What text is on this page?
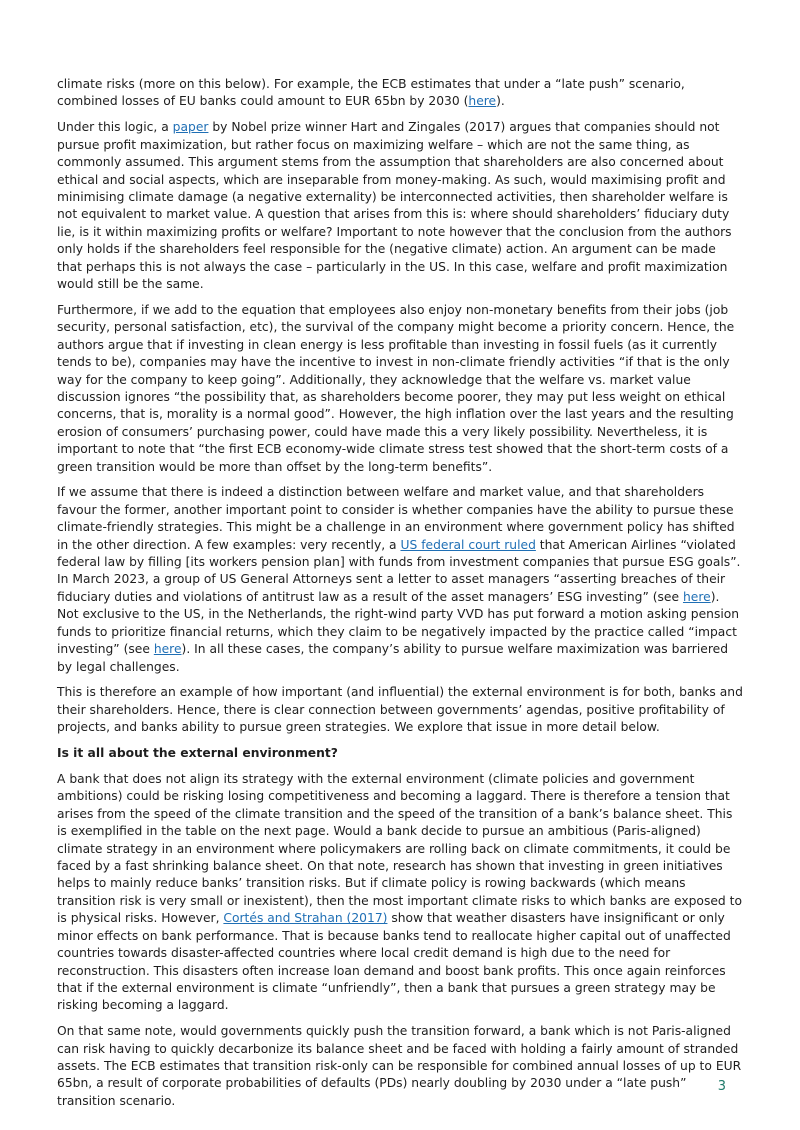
climate risks (more on this below). For example, the ECB estimates that under a “late push” scenario, combined losses of EU banks could amount to EUR 65bn by 2030 (here).

Under this logic, a paper by Nobel prize winner Hart and Zingales (2017) argues that companies should not pursue profit maximization, but rather focus on maximizing welfare – which are not the same thing, as commonly assumed. This argument stems from the assumption that shareholders are also concerned about ethical and social aspects, which are inseparable from money-making. As such, would maximising profit and minimising climate damage (a negative externality) be interconnected activities, then shareholder welfare is not equivalent to market value. A question that arises from this is: where should shareholders’ fiduciary duty lie, is it within maximizing profits or welfare? Important to note however that the conclusion from the authors only holds if the shareholders feel responsible for the (negative climate) action. An argument can be made that perhaps this is not always the case – particularly in the US. In this case, welfare and profit maximization would still be the same.

Furthermore, if we add to the equation that employees also enjoy non-monetary benefits from their jobs (job security, personal satisfaction, etc), the survival of the company might become a priority concern. Hence, the authors argue that if investing in clean energy is less profitable than investing in fossil fuels (as it currently tends to be), companies may have the incentive to invest in non-climate friendly activities “if that is the only way for the company to keep going”. Additionally, they acknowledge that the welfare vs. market value discussion ignores “the possibility that, as shareholders become poorer, they may put less weight on ethical concerns, that is, morality is a normal good”. However, the high inflation over the last years and the resulting erosion of consumers’ purchasing power, could have made this a very likely possibility. Nevertheless, it is important to note that “the first ECB economy-wide climate stress test showed that the short-term costs of a green transition would be more than offset by the long-term benefits”.

If we assume that there is indeed a distinction between welfare and market value, and that shareholders favour the former, another important point to consider is whether companies have the ability to pursue these climate-friendly strategies. This might be a challenge in an environment where government policy has shifted in the other direction. A few examples: very recently, a US federal court ruled that American Airlines “violated federal law by filling [its workers pension plan] with funds from investment companies that pursue ESG goals”. In March 2023, a group of US General Attorneys sent a letter to asset managers “asserting breaches of their fiduciary duties and violations of antitrust law as a result of the asset managers’ ESG investing” (see here). Not exclusive to the US, in the Netherlands, the right-wind party VVD has put forward a motion asking pension funds to prioritize financial returns, which they claim to be negatively impacted by the practice called “impact investing” (see here). In all these cases, the company’s ability to pursue welfare maximization was barriered by legal challenges.

This is therefore an example of how important (and influential) the external environment is for both, banks and their shareholders. Hence, there is clear connection between governments’ agendas, positive profitability of projects, and banks ability to pursue green strategies. We explore that issue in more detail below.

Is it all about the external environment?

A bank that does not align its strategy with the external environment (climate policies and government ambitions) could be risking losing competitiveness and becoming a laggard. There is therefore a tension that arises from the speed of the climate transition and the speed of the transition of a bank’s balance sheet. This is exemplified in the table on the next page. Would a bank decide to pursue an ambitious (Paris-aligned) climate strategy in an environment where policymakers are rolling back on climate commitments, it could be faced by a fast shrinking balance sheet. On that note, research has shown that investing in green initiatives helps to mainly reduce banks’ transition risks. But if climate policy is rowing backwards (which means transition risk is very small or inexistent), then the most important climate risks to which banks are exposed to is physical risks. However, Cortés and Strahan (2017) show that weather disasters have insignificant or only minor effects on bank performance. That is because banks tend to reallocate higher capital out of unaffected countries towards disaster-affected countries where local credit demand is high due to the need for reconstruction. This disasters often increase loan demand and boost bank profits. This once again reinforces that if the external environment is climate “unfriendly”, then a bank that pursues a green strategy may be risking becoming a laggard.

On that same note, would governments quickly push the transition forward, a bank which is not Paris-aligned can risk having to quickly decarbonize its balance sheet and be faced with holding a fairly amount of stranded assets. The ECB estimates that transition risk-only can be responsible for combined annual losses of up to EUR 65bn, a result of corporate probabilities of defaults (PDs) nearly doubling by 2030 under a “late push” transition scenario.

3
